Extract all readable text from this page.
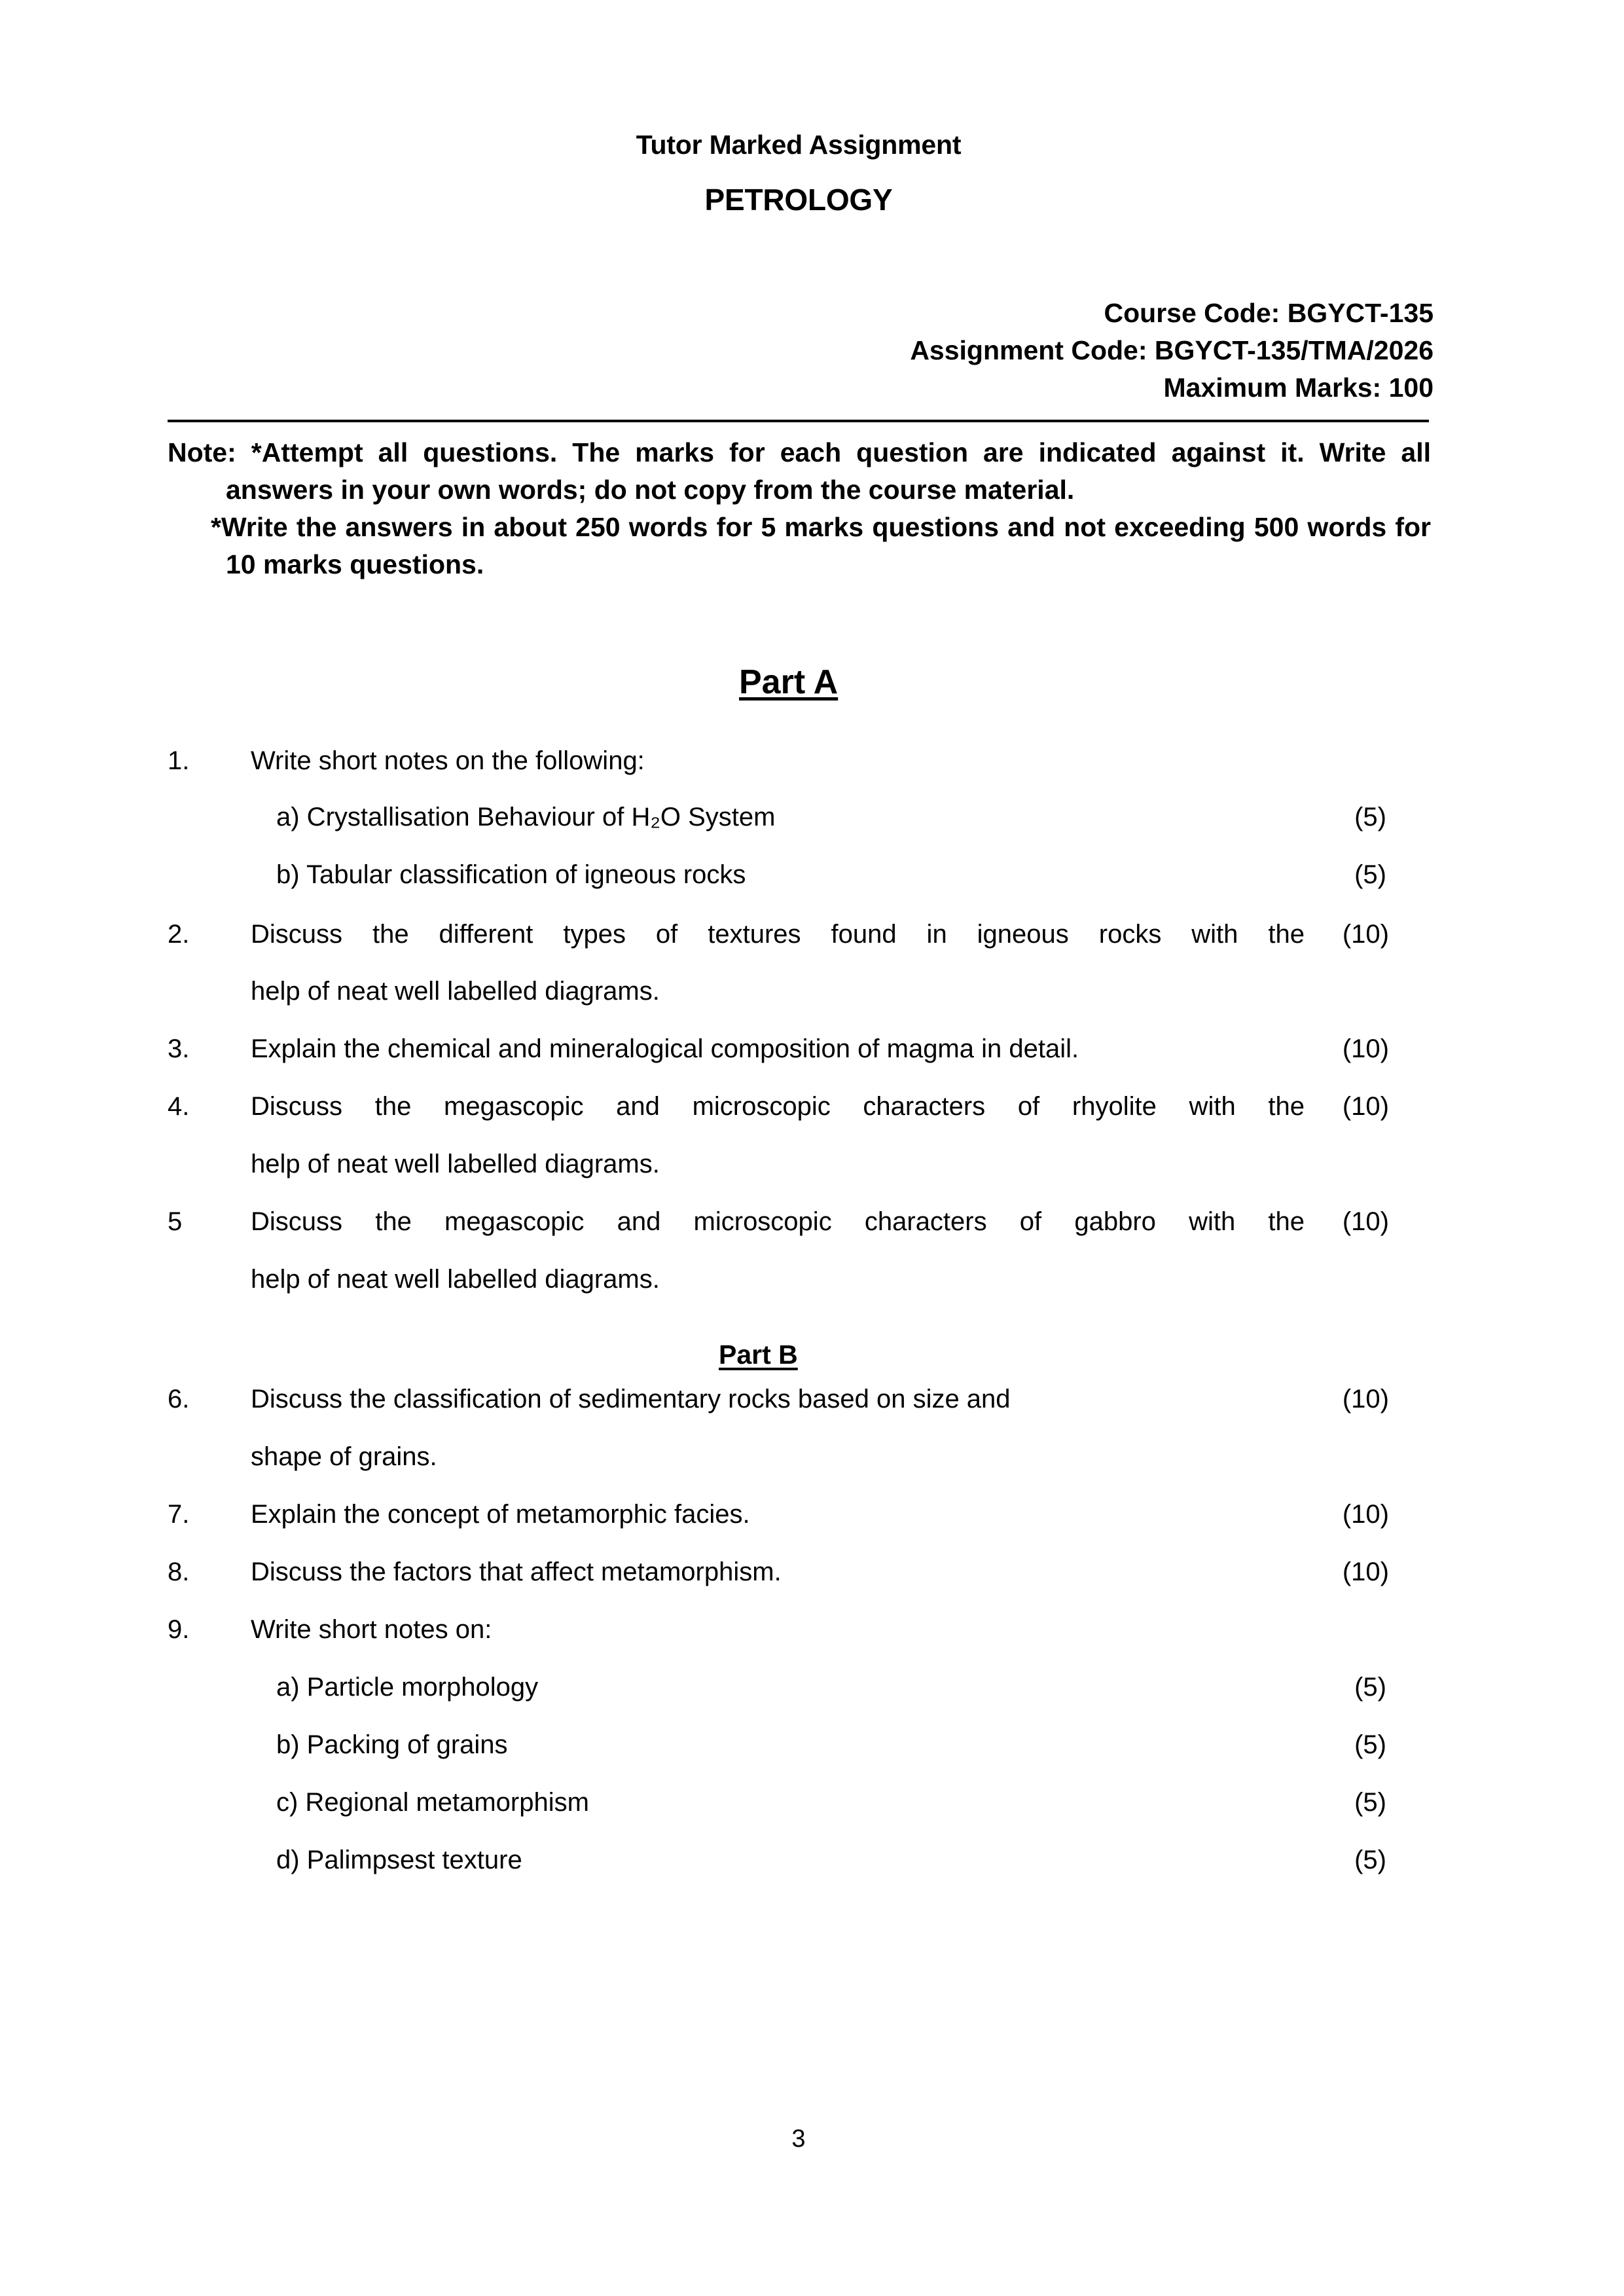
Tutor Marked Assignment
PETROLOGY
Course Code: BGYCT-135
Assignment Code: BGYCT-135/TMA/2026
Maximum Marks: 100
Note: *Attempt all questions. The marks for each question are indicated against it. Write all answers in your own words; do not copy from the course material.
*Write the answers in about 250 words for 5 marks questions and not exceeding 500 words for 10 marks questions.
Part A
Part B
1.	Write short notes on the following:
a) Crystallisation Behaviour of H₂O System	(5)
b) Tabular classification of igneous rocks	(5)
2.	Discuss the different types of textures found in igneous rocks with the	(10)
help of neat well labelled diagrams.
3.	Explain the chemical and mineralogical composition of magma in detail.	(10)
4.	Discuss the megascopic and microscopic characters of rhyolite with the	(10)
help of neat well labelled diagrams.
5	Discuss the megascopic and microscopic characters of gabbro with the	(10)
help of neat well labelled diagrams.
6.	Discuss the classification of sedimentary rocks based on size and	(10)
shape of grains.
7.	Explain the concept of metamorphic facies.	(10)
8.	Discuss the factors that affect metamorphism.	(10)
9.	Write short notes on:
a) Particle morphology	(5)
b) Packing of grains	(5)
c) Regional metamorphism	(5)
d) Palimpsest texture	(5)
3
